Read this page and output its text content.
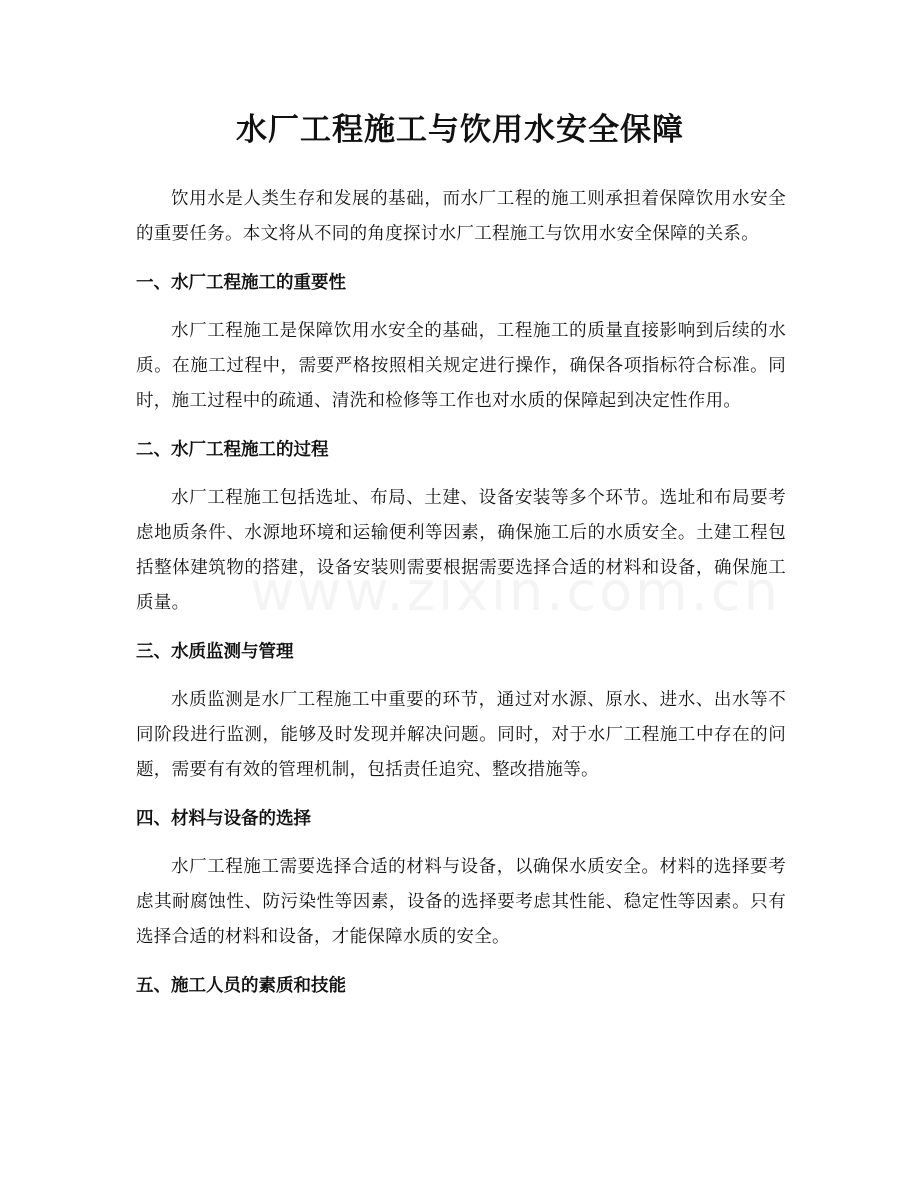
水厂工程施工与饮用水安全保障

饮用水是人类生存和发展的基础，而水厂工程的施工则承担着保障饮用水安全的重要任务。本文将从不同的角度探讨水厂工程施工与饮用水安全保障的关系。

一、水厂工程施工的重要性

水厂工程施工是保障饮用水安全的基础，工程施工的质量直接影响到后续的水质。在施工过程中，需要严格按照相关规定进行操作，确保各项指标符合标准。同时，施工过程中的疏通、清洗和检修等工作也对水质的保障起到决定性作用。

二、水厂工程施工的过程

水厂工程施工包括选址、布局、土建、设备安装等多个环节。选址和布局要考虑地质条件、水源地环境和运输便利等因素，确保施工后的水质安全。土建工程包括整体建筑物的搭建，设备安装则需要根据需要选择合适的材料和设备，确保施工质量。

三、水质监测与管理

水质监测是水厂工程施工中重要的环节，通过对水源、原水、进水、出水等不同阶段进行监测，能够及时发现并解决问题。同时，对于水厂工程施工中存在的问题，需要有有效的管理机制，包括责任追究、整改措施等。

四、材料与设备的选择

水厂工程施工需要选择合适的材料与设备，以确保水质安全。材料的选择要考虑其耐腐蚀性、防污染性等因素，设备的选择要考虑其性能、稳定性等因素。只有选择合适的材料和设备，才能保障水质的安全。

五、施工人员的素质和技能
